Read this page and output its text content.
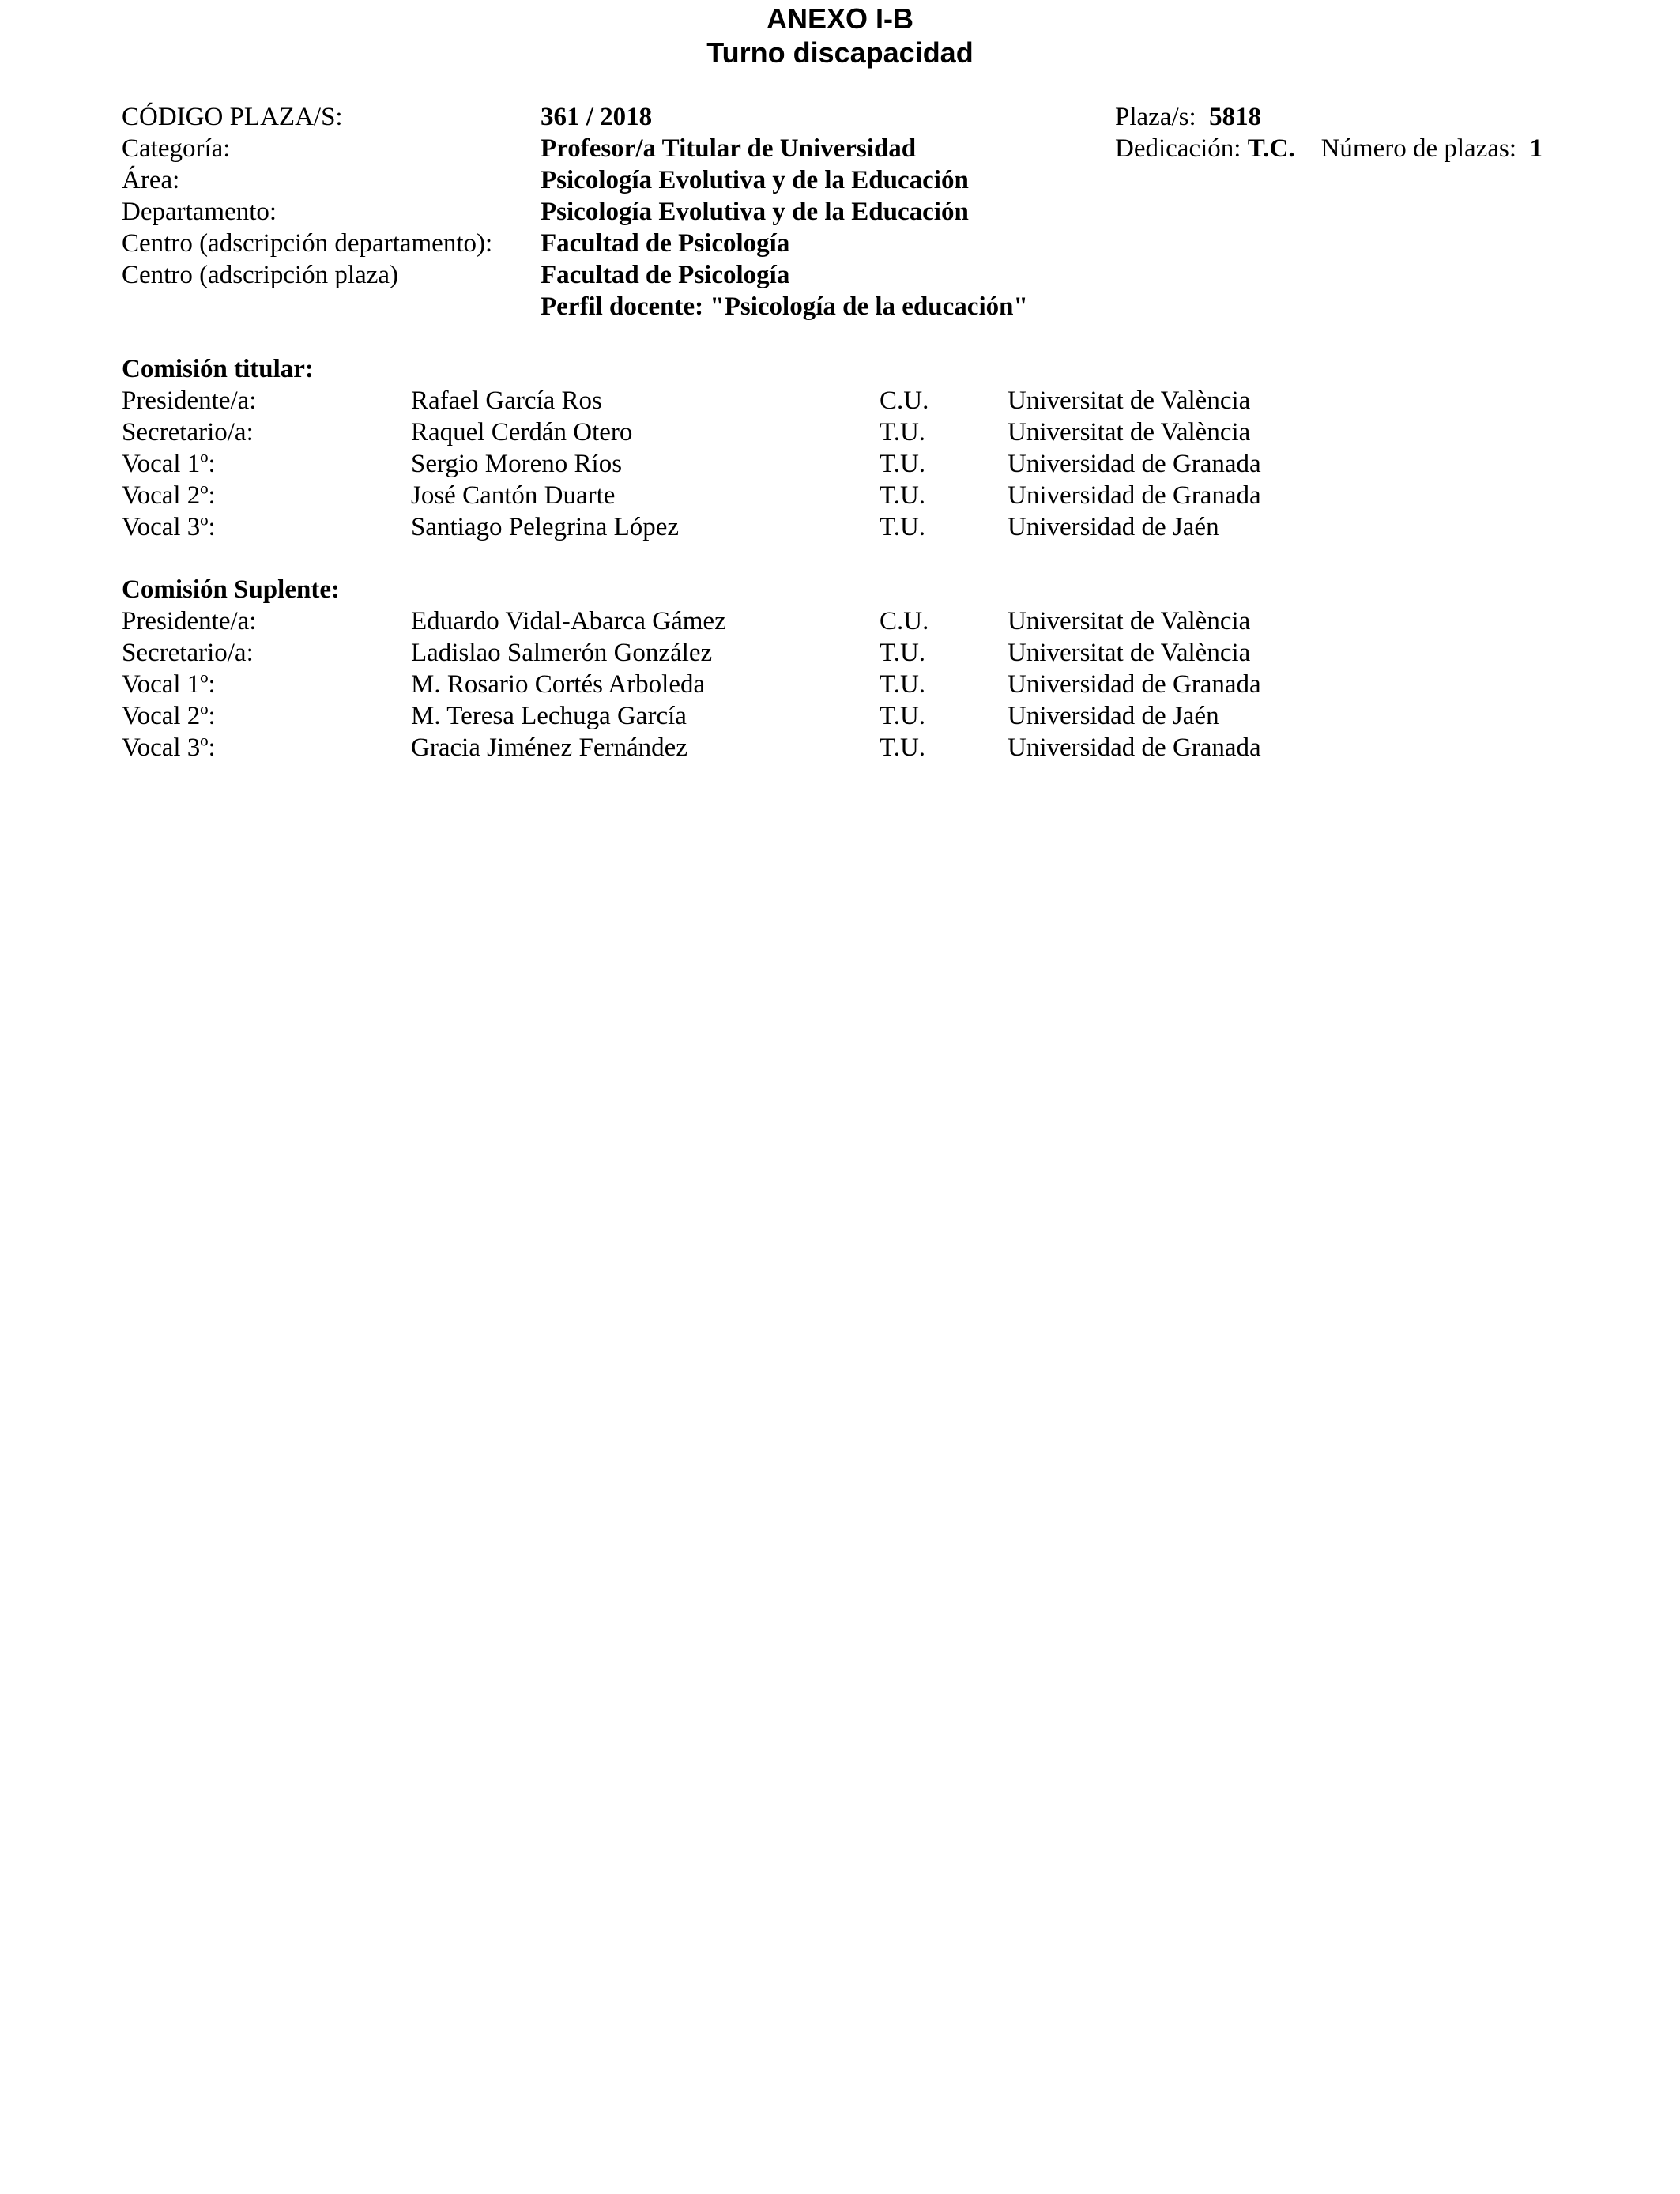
ANEXO I-B
Turno discapacidad
CÓDIGO PLAZA/S:	361 / 2018	Plaza/s: 5818
Categoría:	Profesor/a Titular de Universidad	Dedicación: T.C. Número de plazas: 1
Área:	Psicología Evolutiva y de la Educación
Departamento:	Psicología Evolutiva y de la Educación
Centro (adscripción departamento): Facultad de Psicología
Centro (adscripción plaza)	Facultad de Psicología
Perfil docente: "Psicología de la educación"
Comisión titular:
Presidente/a:	Rafael García Ros	C.U.	Universitat de València
Secretario/a:	Raquel Cerdán Otero	T.U.	Universitat de València
Vocal 1º:	Sergio Moreno Ríos	T.U.	Universidad de Granada
Vocal 2º:	José Cantón Duarte	T.U.	Universidad de Granada
Vocal 3º:	Santiago Pelegrina López	T.U.	Universidad de Jaén
Comisión Suplente:
Presidente/a:	Eduardo Vidal-Abarca Gámez	C.U.	Universitat de València
Secretario/a:	Ladislao Salmerón González	T.U.	Universitat de València
Vocal 1º:	M. Rosario Cortés Arboleda	T.U.	Universidad de Granada
Vocal 2º:	M. Teresa Lechuga García	T.U.	Universidad de Jaén
Vocal 3º:	Gracia Jiménez Fernández	T.U.	Universidad de Granada
